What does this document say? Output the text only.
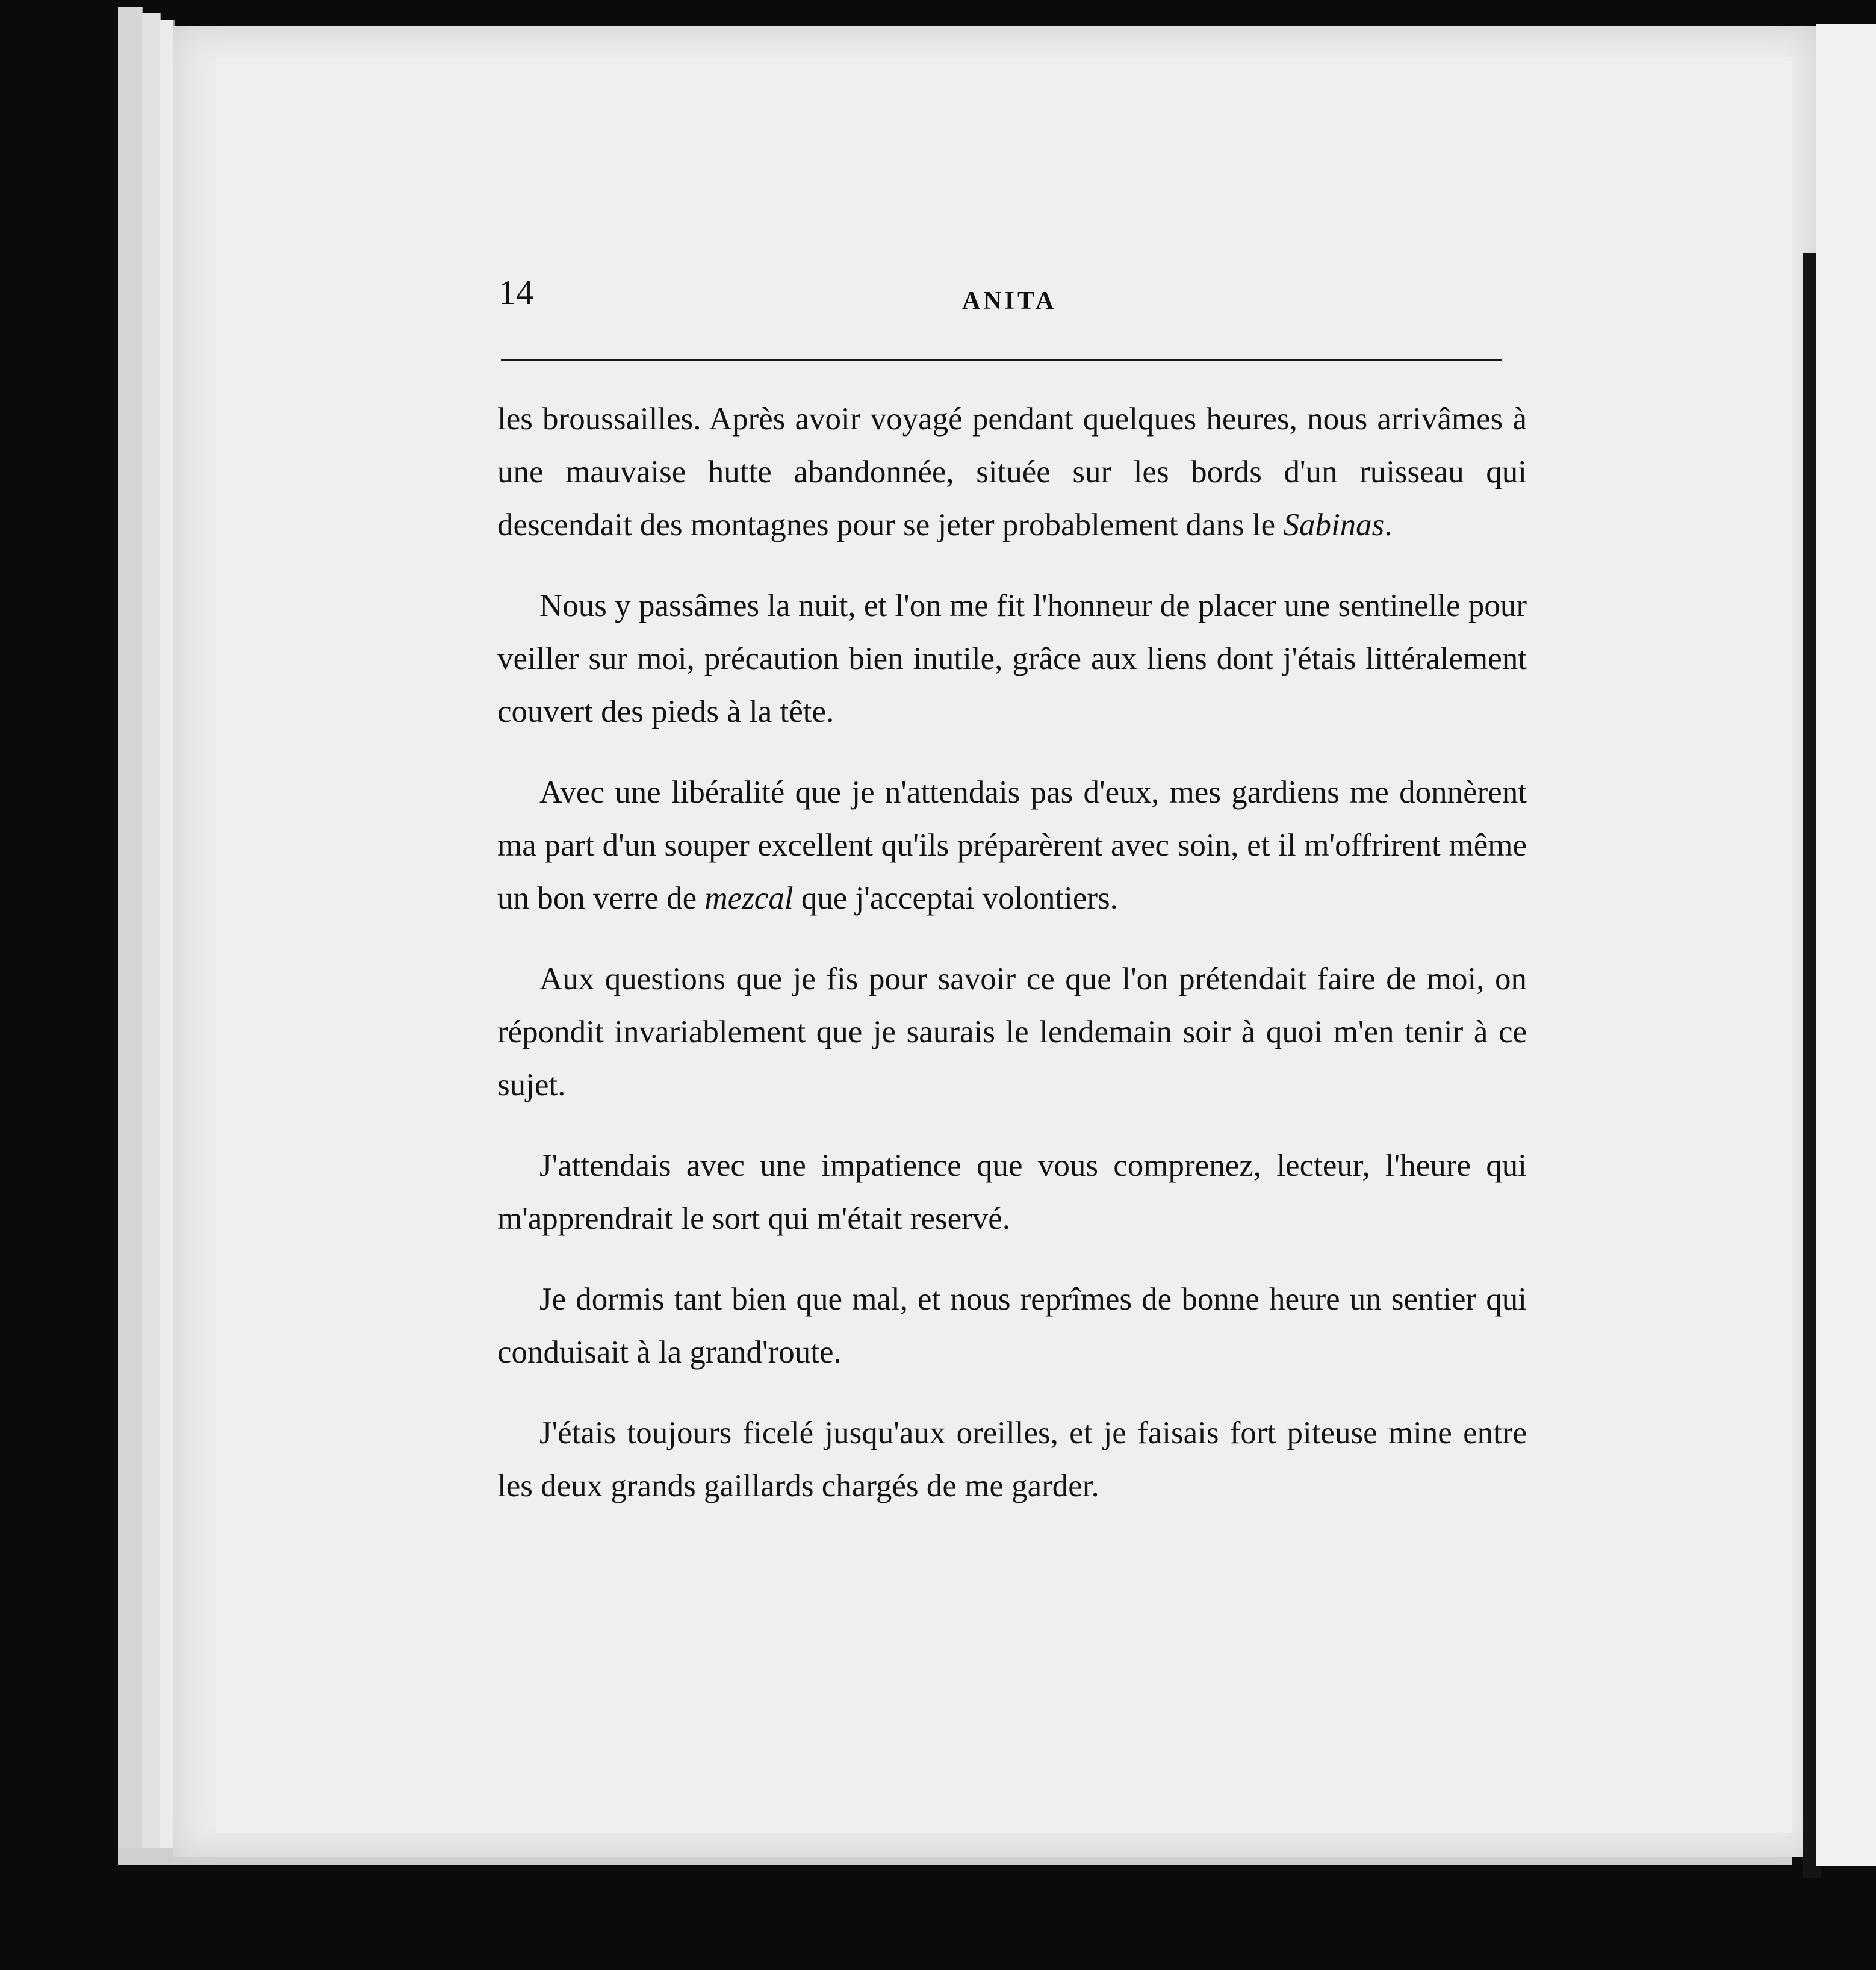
14	ANITA

les broussailles. Après avoir voyagé pendant quelques heures, nous arrivâmes à une mauvaise hutte abandonnée, située sur les bords d'un ruisseau qui descendait des montagnes pour se jeter probablement dans le Sabinas.

Nous y passâmes la nuit, et l'on me fit l'honneur de placer une sentinelle pour veiller sur moi, précaution bien inutile, grâce aux liens dont j'étais littéralement couvert des pieds à la tête.

Avec une libéralité que je n'attendais pas d'eux, mes gardiens me donnèrent ma part d'un souper excellent qu'ils préparèrent avec soin, et il m'offrirent même un bon verre de mezcal que j'acceptai volontiers.

Aux questions que je fis pour savoir ce que l'on prétendait faire de moi, on répondit invariablement que je saurais le lendemain soir à quoi m'en tenir à ce sujet.

J'attendais avec une impatience que vous comprenez, lecteur, l'heure qui m'apprendrait le sort qui m'était reservé.

Je dormis tant bien que mal, et nous reprîmes de bonne heure un sentier qui conduisait à la grand'route.

J'étais toujours ficelé jusqu'aux oreilles, et je faisais fort piteuse mine entre les deux grands gaillards chargés de me garder.
